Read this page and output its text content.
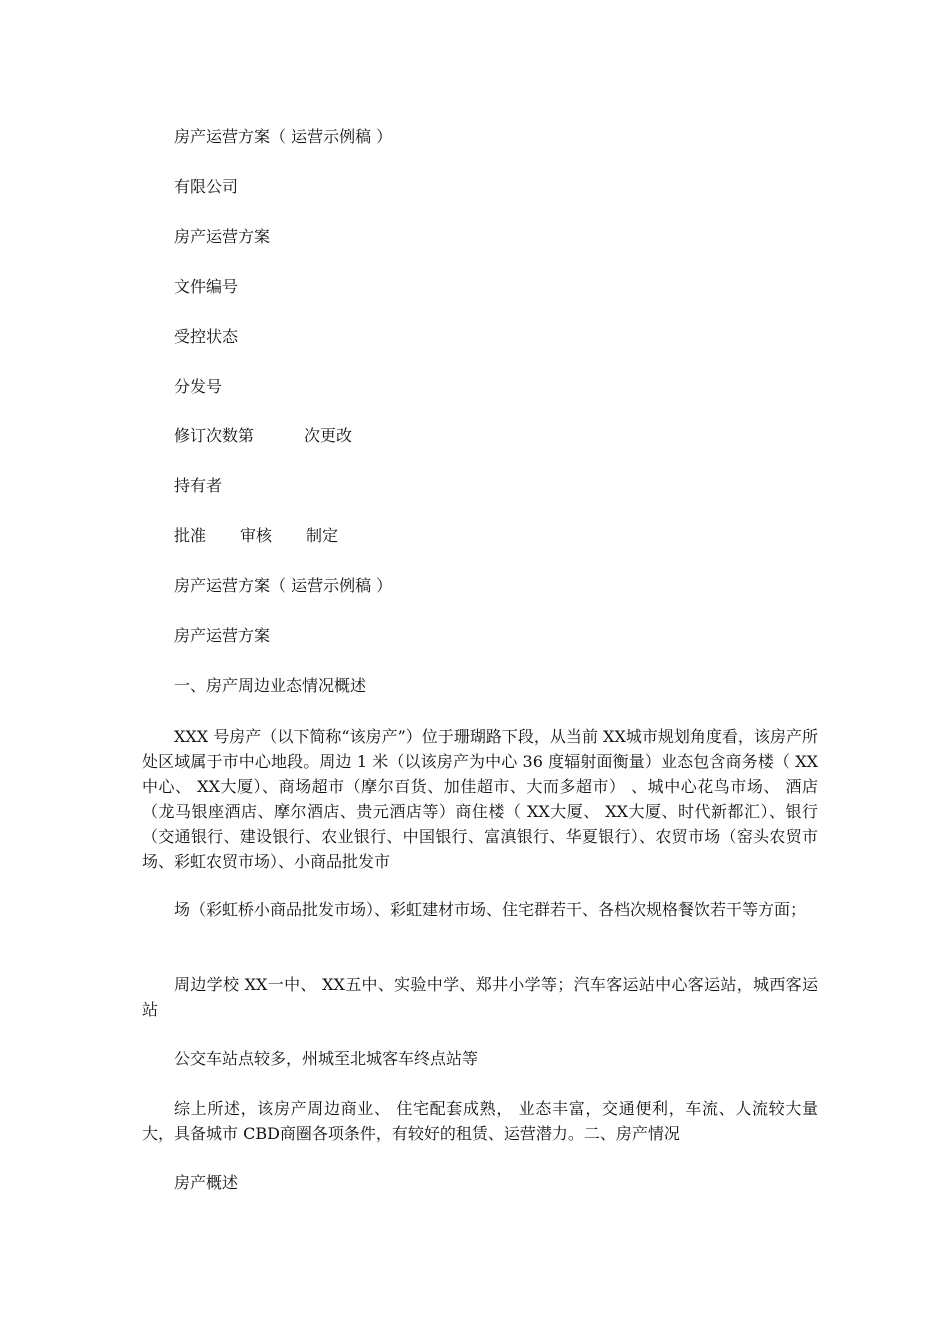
房产运营方案（ 运营示例稿 ）

有限公司

房产运营方案

文件编号

受控状态

分发号

修订次数第	次更改

持有者

批准 审核 制定

房产运营方案（ 运营示例稿 ）

房产运营方案

一、房产周边业态情况概述

XXX 号房产（以下简称“该房产”）位于珊瑚路下段，从当前 XX城市规划角度看，该房产所处区域属于市中心地段。周边 1 米（以该房产为中心 36 度辐射面衡量）业态包含商务楼（ XX中心、 XX大厦）、商场超市（摩尔百货、加佳超市、大而多超市） 、城中心花鸟市场、 酒店（龙马银座酒店、摩尔酒店、贵元酒店等）商住楼（ XX大厦、 XX大厦、时代新都汇）、银行（交通银行、建设银行、农业银行、中国银行、富滇银行、华夏银行）、农贸市场（窑头农贸市场、彩虹农贸市场）、小商品批发市

场（彩虹桥小商品批发市场）、彩虹建材市场、住宅群若干、各档次规格餐饮若干等方面；

周边学校 XX一中、 XX五中、实验中学、郑井小学等；汽车客运站中心客运站，城西客运站

公交车站点较多，州城至北城客车终点站等

综上所述，该房产周边商业、 住宅配套成熟， 业态丰富，交通便利，车流、人流较大量大，具备城市 CBD商圈各项条件，有较好的租赁、运营潜力。二、房产情况

房产概述
